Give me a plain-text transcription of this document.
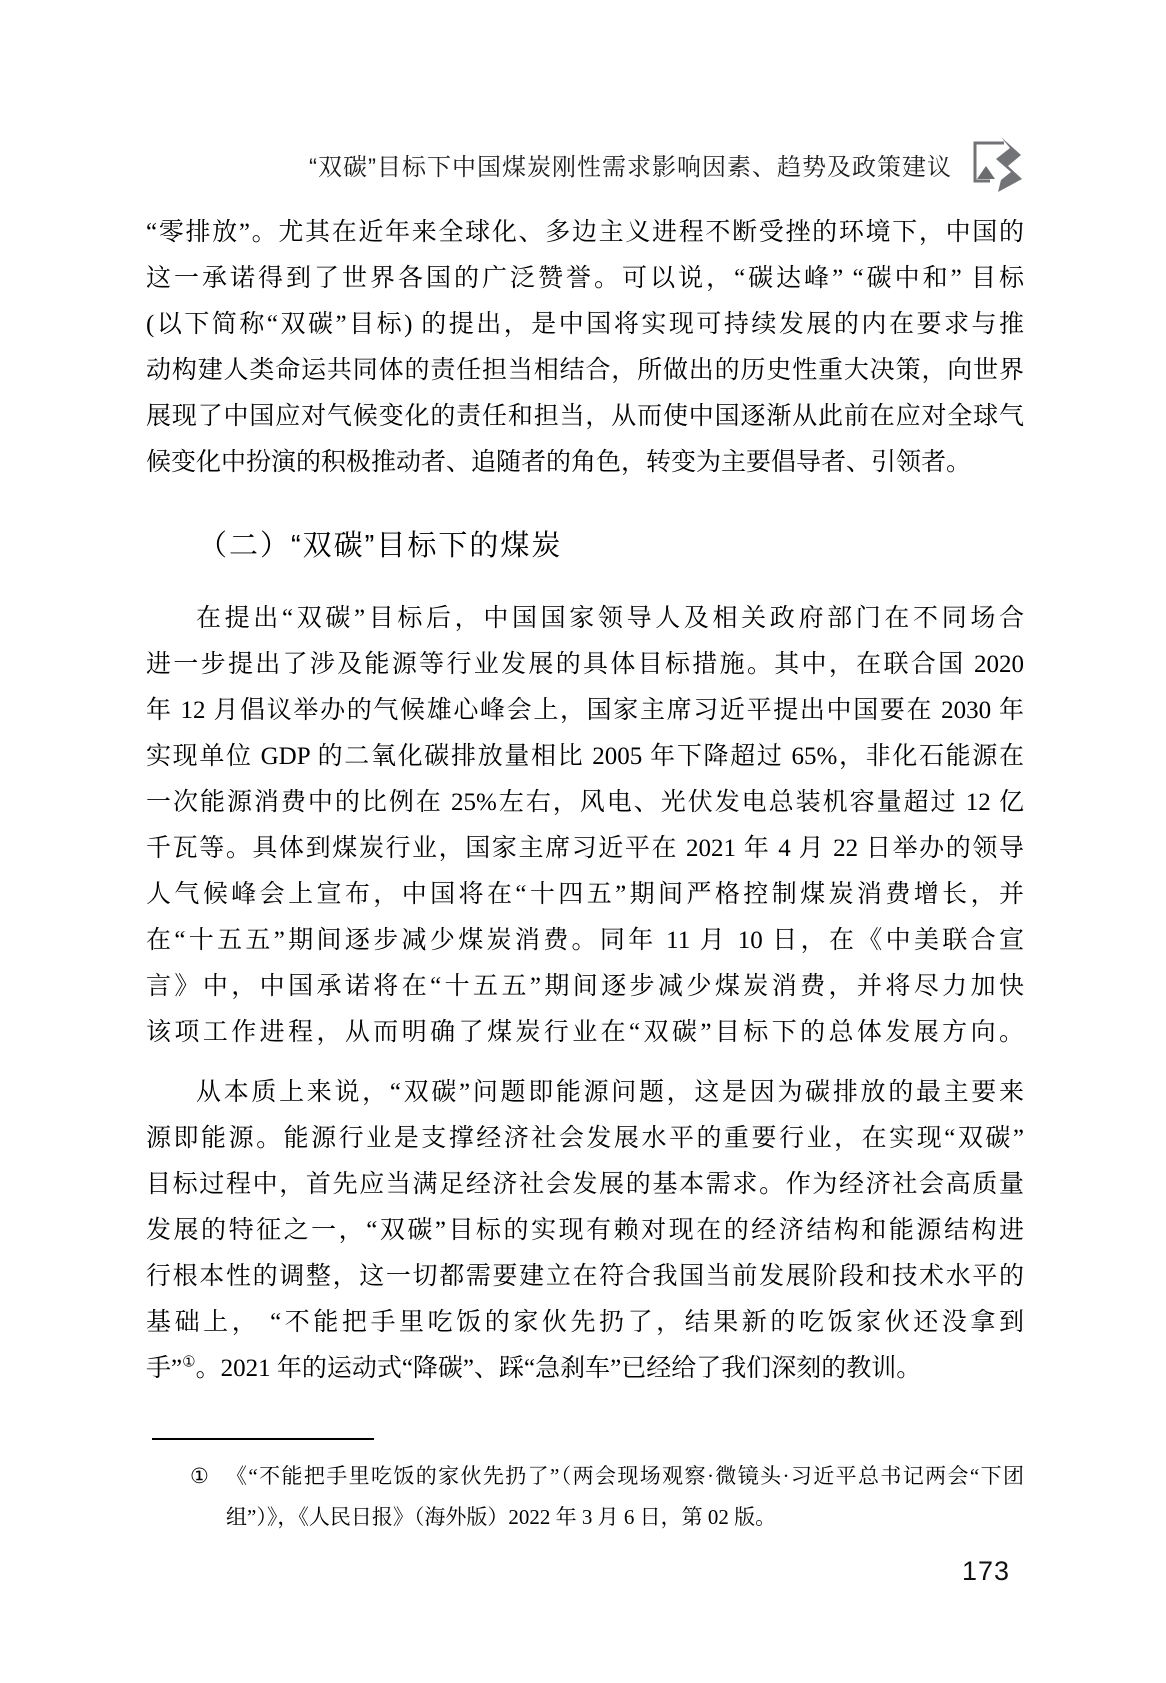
“双碳”目标下中国煤炭刚性需求影响因素、趋势及政策建议
“零排放”。尤其在近年来全球化、多边主义进程不断受挫的环境下，中国的
这一承诺得到了世界各国的广泛赞誉。可以说，“碳达峰” “碳中和” 目标
(以下简称“双碳”目标) 的提出，是中国将实现可持续发展的内在要求与推
动构建人类命运共同体的责任担当相结合，所做出的历史性重大决策，向世界
展现了中国应对气候变化的责任和担当，从而使中国逐渐从此前在应对全球气
候变化中扮演的积极推动者、追随者的角色，转变为主要倡导者、引领者。
（二）“双碳”目标下的煤炭
在提出“双碳”目标后，中国国家领导人及相关政府部门在不同场合
进一步提出了涉及能源等行业发展的具体目标措施。其中，在联合国 2020
年 12 月倡议举办的气候雄心峰会上，国家主席习近平提出中国要在 2030 年
实现单位 GDP 的二氧化碳排放量相比 2005 年下降超过 65%，非化石能源在
一次能源消费中的比例在 25%左右，风电、光伏发电总装机容量超过 12 亿
千瓦等。具体到煤炭行业，国家主席习近平在 2021 年 4 月 22 日举办的领导
人气候峰会上宣布，中国将在“十四五”期间严格控制煤炭消费增长，并
在“十五五”期间逐步减少煤炭消费。同年 11 月 10 日，在《中美联合宣
言》中，中国承诺将在“十五五”期间逐步减少煤炭消费，并将尽力加快
该项工作进程，从而明确了煤炭行业在“双碳”目标下的总体发展方向。
从本质上来说，“双碳”问题即能源问题，这是因为碳排放的最主要来
源即能源。能源行业是支撑经济社会发展水平的重要行业，在实现“双碳”
目标过程中，首先应当满足经济社会发展的基本需求。作为经济社会高质量
发展的特征之一，“双碳”目标的实现有赖对现在的经济结构和能源结构进
行根本性的调整，这一切都需要建立在符合我国当前发展阶段和技术水平的
基础上， “不能把手里吃饭的家伙先扔了，结果新的吃饭家伙还没拿到
手”①。2021 年的运动式“降碳”、踩“急刹车”已经给了我们深刻的教训。
① 《“不能把手里吃饭的家伙先扔了”（两会现场观察·微镜头·习近平总书记两会“下团
组”）》，《人民日报》（海外版）2022 年 3 月 6 日，第 02 版。
173
